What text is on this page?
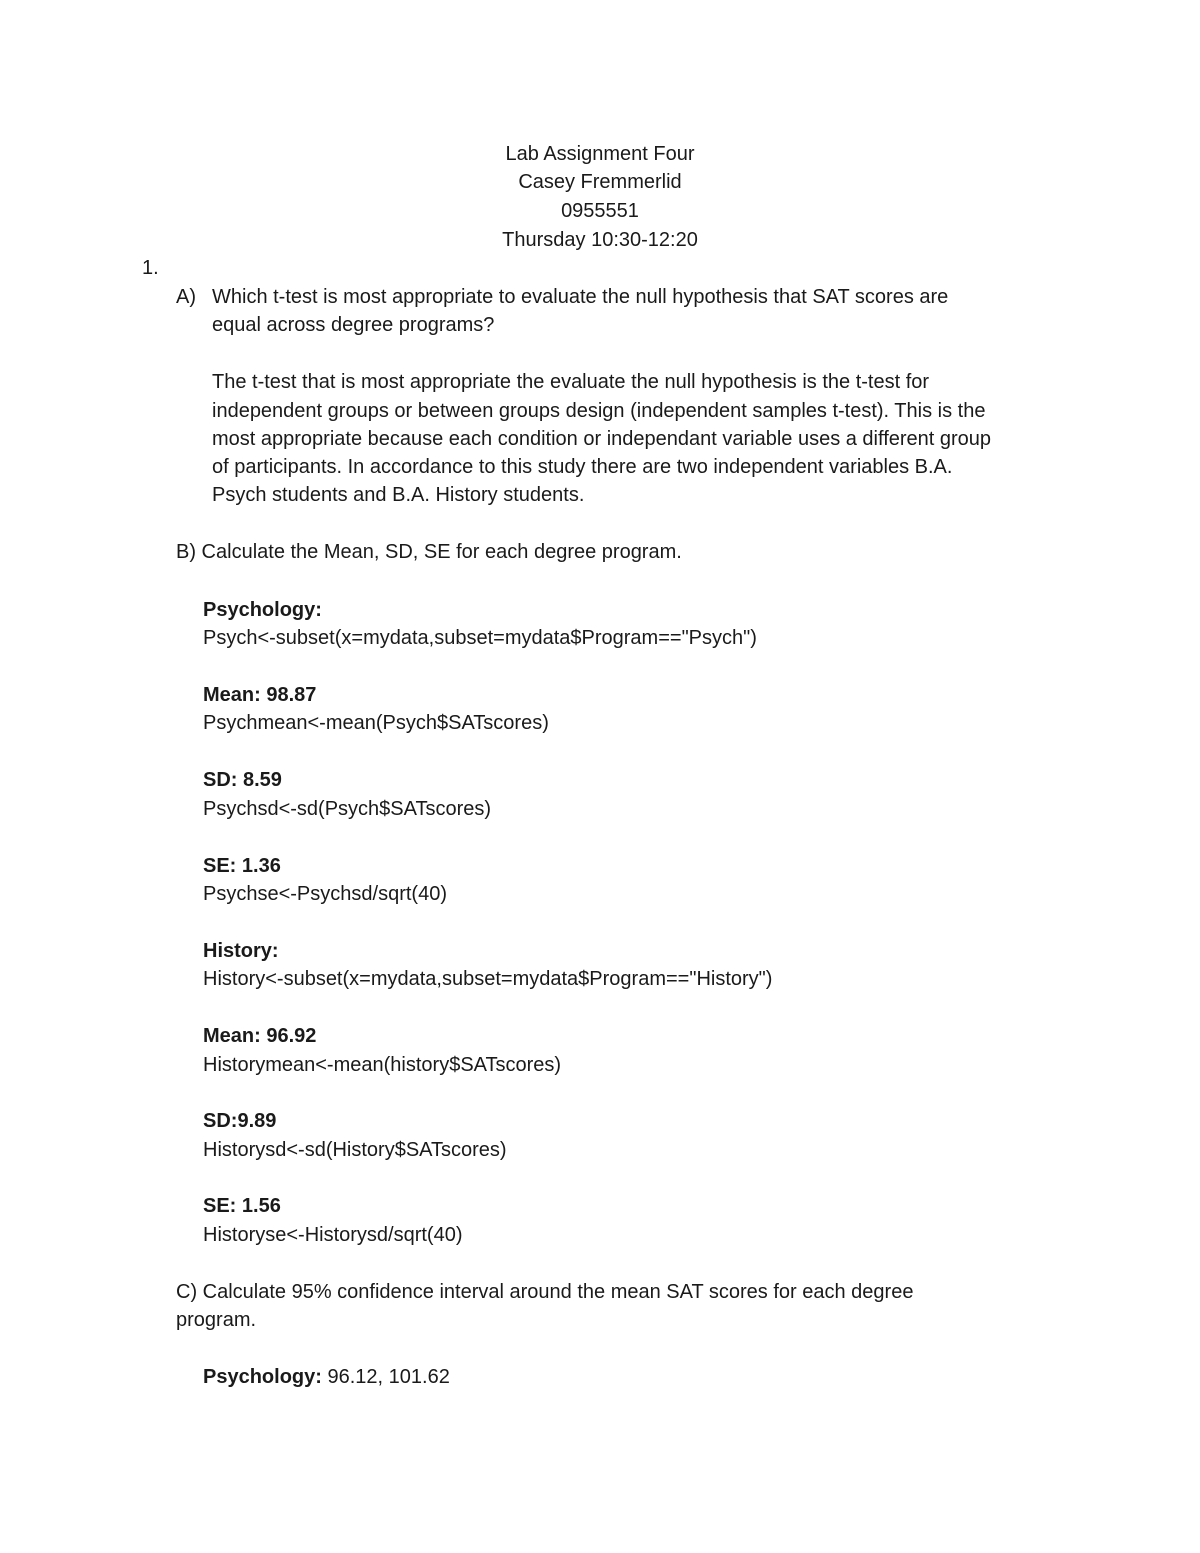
Lab Assignment Four
Casey Fremmerlid
0955551
Thursday 10:30-12:20
1.
A) Which t-test is most appropriate to evaluate the null hypothesis that SAT scores are
equal across degree programs?
The t-test that is most appropriate the evaluate the null hypothesis is the t-test for
independent groups or between groups design (independent samples t-test). This is the
most appropriate because each condition or independant variable uses a different group
of participants. In accordance to this study there are two independent variables B.A.
Psych students and B.A. History students.
B) Calculate the Mean, SD, SE for each degree program.
Psychology:
Psych<-subset(x=mydata,subset=mydata$Program=="Psych")
Mean: 98.87
Psychmean<-mean(Psych$SATscores)
SD: 8.59
Psychsd<-sd(Psych$SATscores)
SE: 1.36
Psychse<-Psychsd/sqrt(40)
History:
History<-subset(x=mydata,subset=mydata$Program=="History")
Mean: 96.92
Historymean<-mean(history$SATscores)
SD:9.89
Historysd<-sd(History$SATscores)
SE: 1.56
Historyse<-Historysd/sqrt(40)
C) Calculate 95% confidence interval around the mean SAT scores for each degree
program.
Psychology: 96.12, 101.62
